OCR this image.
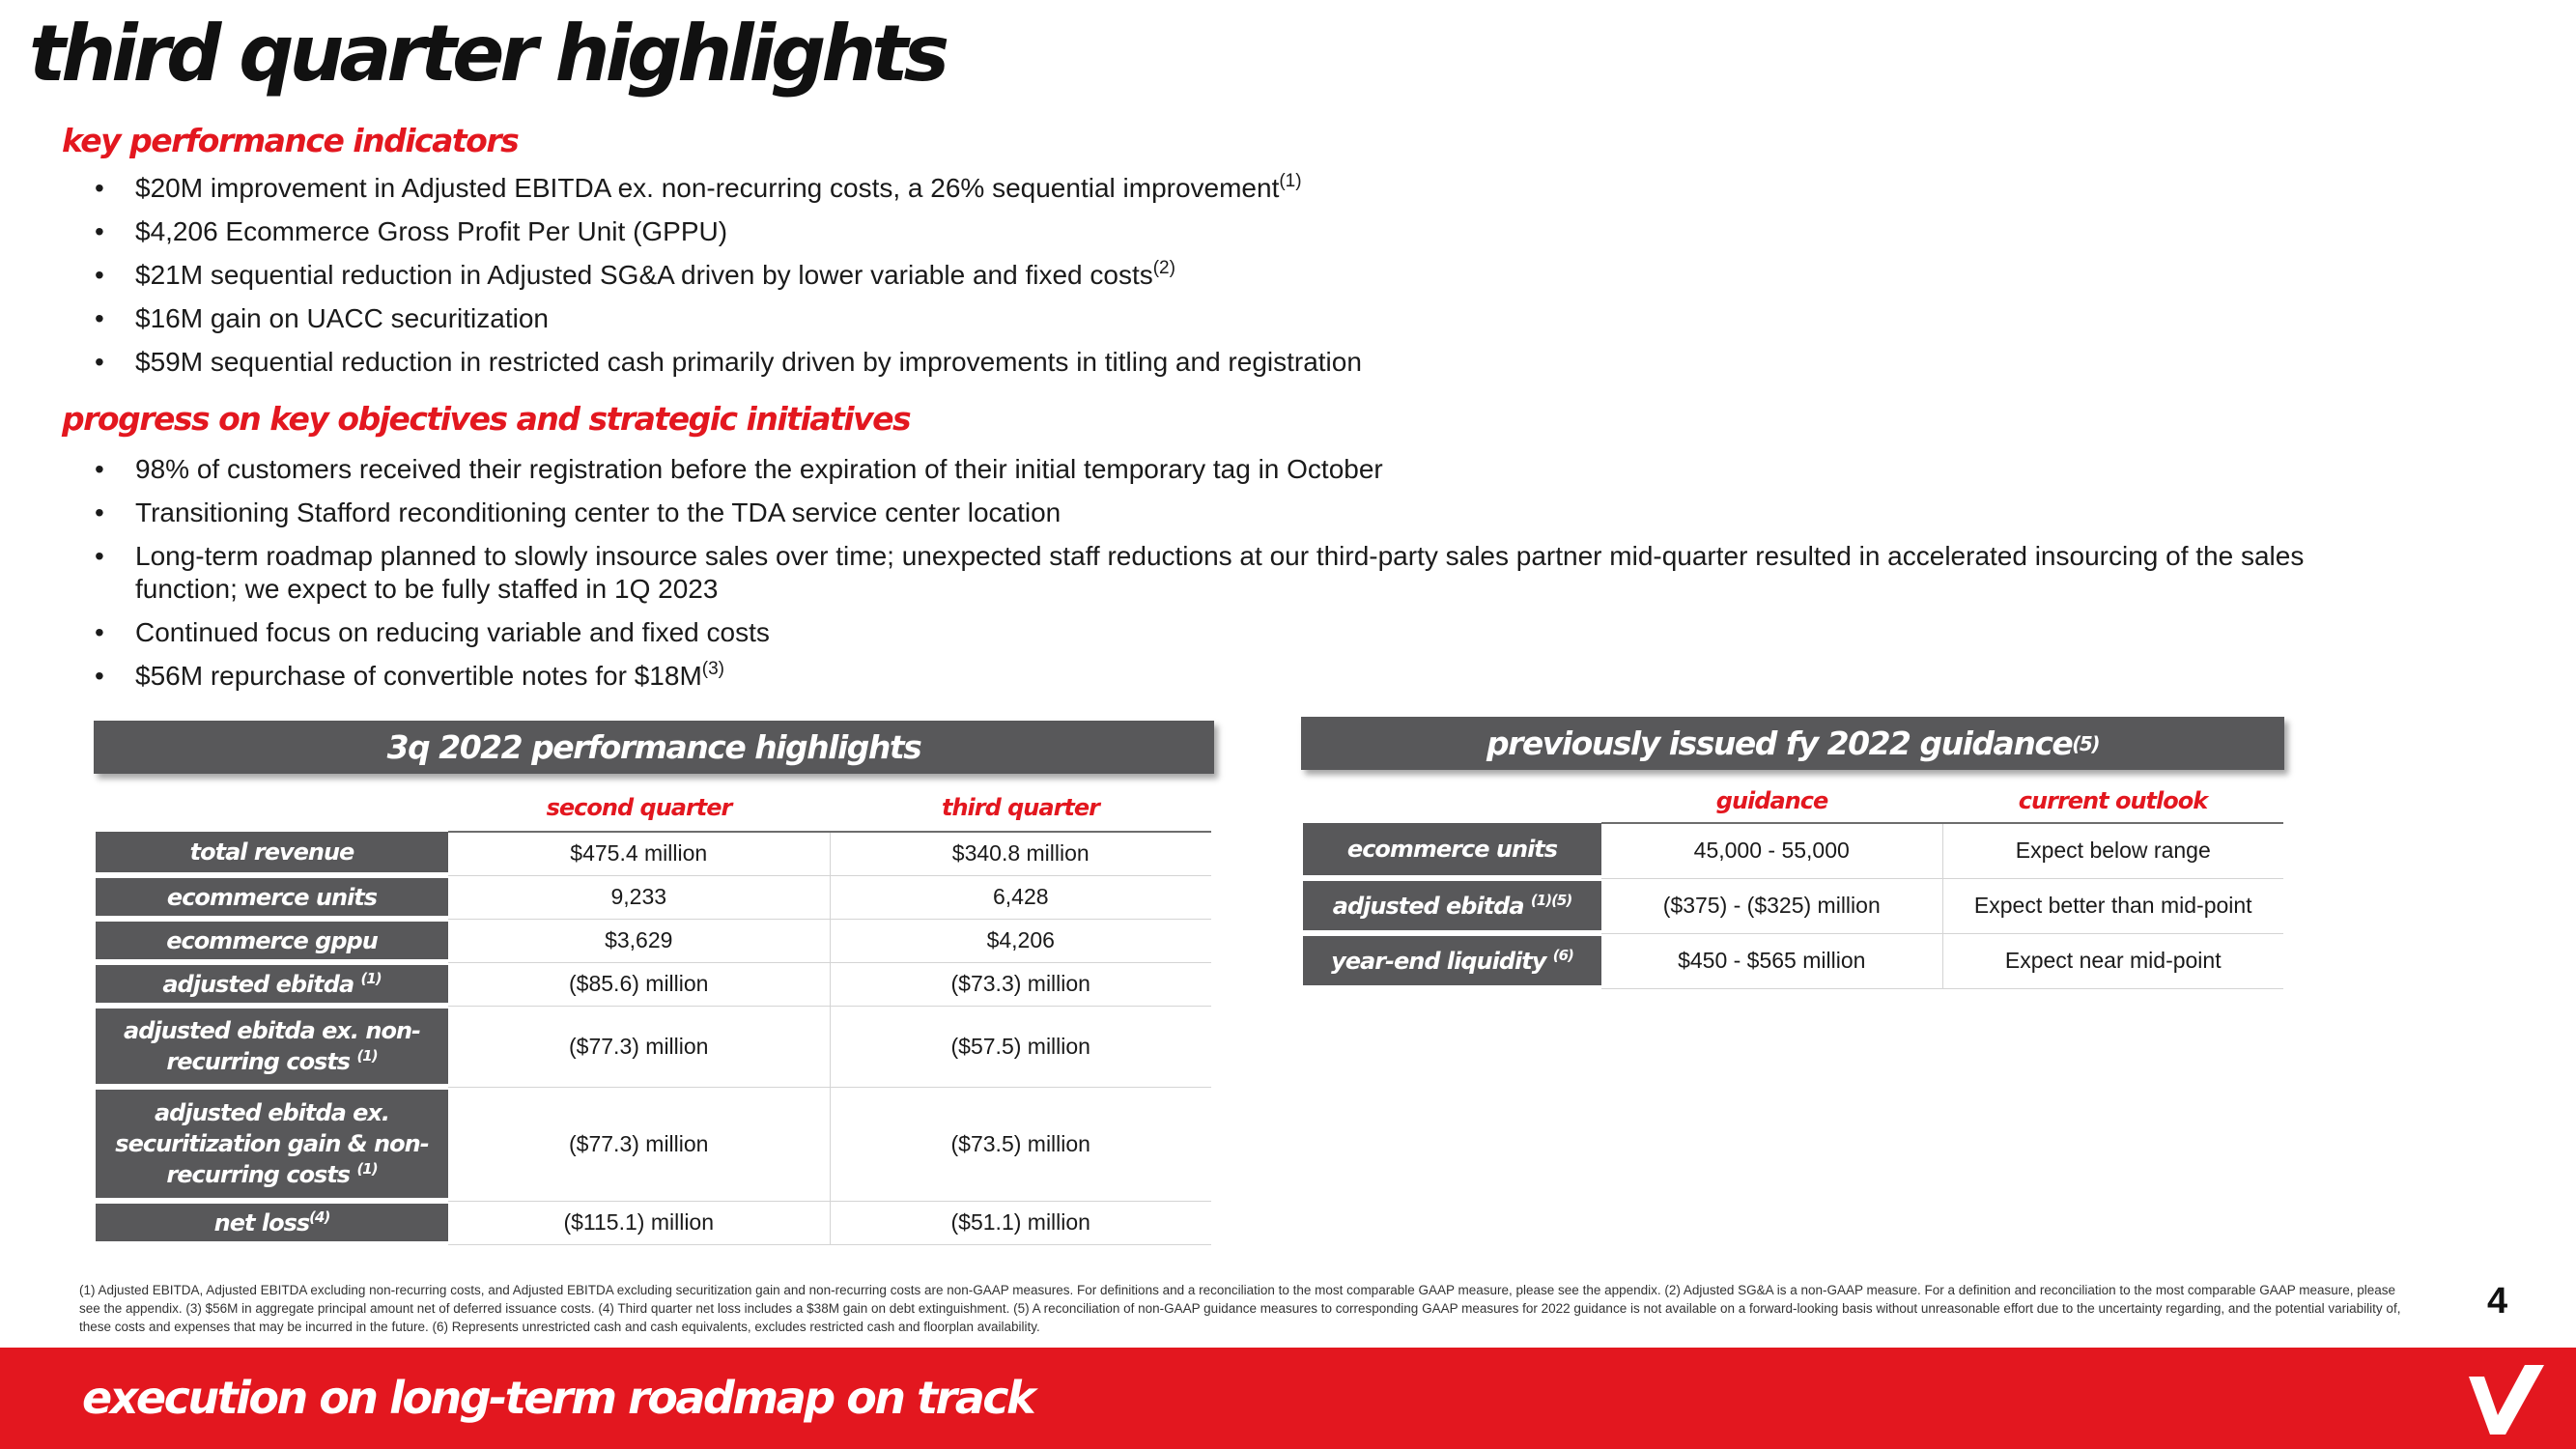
third quarter highlights
key performance indicators
• $20M improvement in Adjusted EBITDA ex. non-recurring costs, a 26% sequential improvement$^{(1)}$
• $4,206 Ecommerce Gross Profit Per Unit (GPPU)
• $21M sequential reduction in Adjusted SG&A driven by lower variable and fixed costs$^{(2)}$
• $16M gain on UACC securitization
• $59M sequential reduction in restricted cash primarily driven by improvements in titling and registration
progress on key objectives and strategic initiatives
• 98% of customers received their registration before the expiration of their initial temporary tag in October
• Transitioning Stafford reconditioning center to the TDA service center location
• Long-term roadmap planned to slowly insource sales over time; unexpected staff reductions at our third-party sales partner mid-quarter resulted in accelerated insourcing of the sales function; we expect to be fully staffed in 1Q 2023
• Continued focus on reducing variable and fixed costs
• $56M repurchase of convertible notes for $\$18M^{(3)}$
3q 2022 performance highlights
	second quarter	third quarter
total revenue	$475.4 million	$340.8 million
ecommerce units	9,233	6,428
ecommerce gppu	$3,629	$4,206
adjusted ebitda $^{(1)}$	($85.6) million	($73.3) million
adjusted ebitda ex. non-recurring costs $^{(1)}$	($77.3) million	($57.5) million
adjusted ebitda ex. securitization gain & non-recurring costs $^{(1)}$	($77.3) million	($73.5) million
net loss$^{(4)}$	($115.1) million	($51.1) million
previously issued fy 2022 guidance (5)
	guidance	current outlook
ecommerce units	45,000 - 55,000	Expect below range
adjusted ebitda $^{(1)(5)}$	($375) - ($325) million	Expect better than mid-point
year-end liquidity $^{(6)}$	$450 - $565 million	Expect near mid-point

(1) Adjusted EBITDA, Adjusted EBITDA excluding non-recurring costs, and Adjusted EBITDA excluding securitization gain and non-recurring costs are non-GAAP measures. For definitions and a reconciliation to the most comparable GAAP measure, please see the appendix. (2) Adjusted SG&A is a non-GAAP measure. For a definition and reconciliation to the most comparable GAAP measure, please see the appendix. (3) $56M in aggregate principal amount net of deferred issuance costs. (4) Third quarter net loss includes a $38M gain on debt extinguishment. (5) A reconciliation of non-GAAP guidance measures to corresponding GAAP measures for 2022 guidance is not available on a forward-looking basis without unreasonable effort due to the uncertainty regarding, and the potential variability of, these costs and expenses that may be incurred in the future. (6) Represents unrestricted cash and cash equivalents, excludes restricted cash and floorplan availability.

4

execution on long-term roadmap on track
